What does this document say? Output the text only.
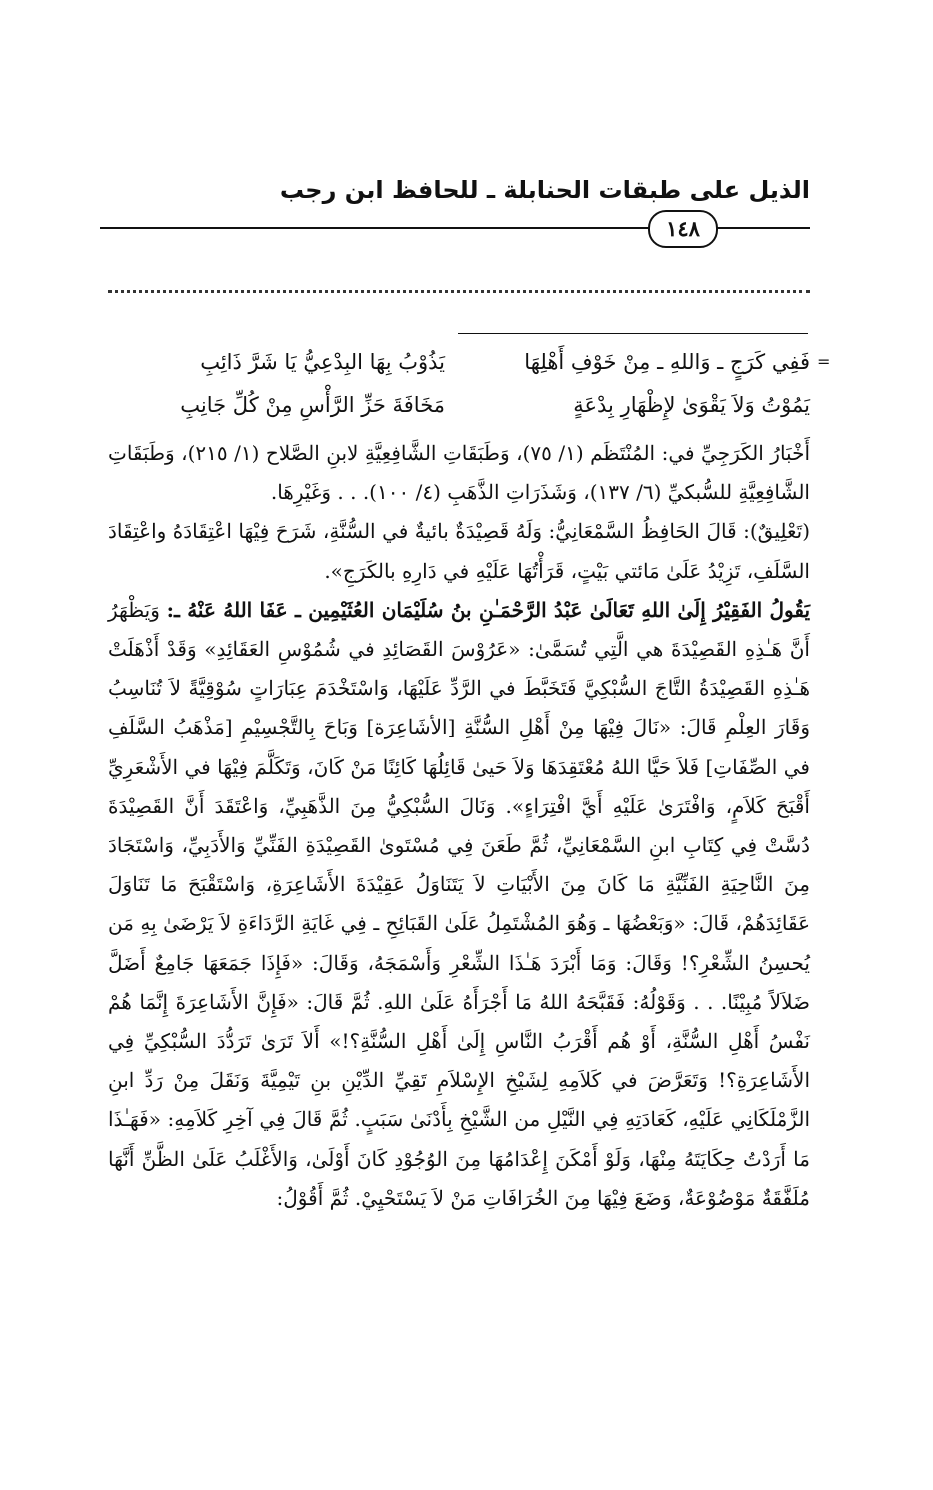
الذيل على طبقات الحنابلة ـ للحافظ ابن رجب
١٤٨
=
فَفِي كَرَجٍ ـ وَاللهِ ـ مِنْ خَوْفِ أَهْلِهَا
يَذُوْبُ بِهَا البِدْعِيُّ يَا شَرَّ ذَائِبِ
يَمُوْتُ وَلاَ يَقْوَىٰ لإِظْهَارِ بِدْعَةٍ
مَخَافَةَ حَزِّ الرَّأْسِ مِنْ كُلِّ جَانِبِ

أَخْبَارُ الكَرَجِيِّ في: المُنْتَظَم (١/ ٧٥)، وَطَبَقَاتِ الشَّافِعِيَّةِ لابنِ الصَّلاح (١/ ٢١٥)، وَطَبَقَاتِ الشَّافِعِيَّةِ للسُّبكيِّ (٦/ ١٣٧)، وَشَذَرَاتِ الذَّهَبِ (٤/ ١٠٠). . . وَغَيْرِهَا.

(تَعْلِيقٌ): قَالَ الحَافِظُ السَّمْعَانِيُّ: وَلَهُ قَصِيْدَةٌ بائيةٌ في السُّنَّةِ، شَرَحَ فِيْهَا اعْتِقَادَهُ واعْتِقَادَ السَّلَفِ، تَزِيْدُ عَلَىٰ مَائتي بَيْتٍ، قَرَأْتُهَا عَلَيْهِ في دَارِهِ بالكَرَجِ».

يَقُولُ الفَقِيْرُ إِلَىٰ اللهِ تَعَالَىٰ عَبْدُ الرَّحْمَـٰنِ بنُ سُلَيْمَان العُثَيْمِين ـ عَفَا اللهُ عَنْهُ ـ: وَيَظْهَرُ أَنَّ هَـٰذِهِ القَصِيْدَةَ هي الَّتِي تُسَمَّىٰ: «عَرُوْسَ القَصَائِدِ في شُمُوْسِ العَقَائِدِ» وَقَدْ أَذْهَلَتْ هَـٰذِهِ القَصِيْدَةُ التَّاجَ السُّبْكِيَّ فَتَخَبَّطَ في الرَّدِّ عَلَيْهَا، وَاسْتَخْدَمَ عِبَارَاتٍ سُوْقِيَّةً لاَ تُنَاسِبُ وَقَارَ العِلْمِ قَالَ: «نَالَ فِيْهَا مِنْ أَهْلِ السُّنَّةِ [الأشَاعِرَة] وَبَاحَ بِالتَّجْسِيْمِ [مَذْهَبُ السَّلَفِ في الصِّفَاتِ] فَلاَ حَيَّا اللهُ مُعْتَقِدَهَا وَلاَ حَيىٰ قَائِلُهَا كَائِنًا مَنْ كَانَ، وَتَكَلَّمَ فِيْهَا في الأَشْعَرِيِّ أَقْبَحَ كَلاَمٍ، وَافْتَرَىٰ عَلَيْهِ أَيَّ افْتِرَاءٍ». وَنَالَ السُّبْكِيُّ مِنَ الذَّهَبِيِّ، وَاعْتَقَدَ أَنَّ القَصِيْدَةَ دُسَّتْ فِي كِتَابِ ابنِ السَّمْعَانِيِّ، ثُمَّ طَعَنَ فِي مُسْتَوىٰ القَصِيْدَةِ الفَنِّيِّ وَالأَدَبِيِّ، وَاسْتَجَادَ مِنَ النَّاحِيَةِ الفَنِّيَّةِ مَا كَانَ مِنَ الأَبْيَاتِ لاَ يَتَنَاوَلُ عَقِيْدَةَ الأَشَاعِرَةِ، وَاسْتَقْبَحَ مَا تَنَاوَلَ عَقَائِدَهُمْ، قَالَ: «وَبَعْضُهَا ـ وَهُوَ المُشْتَمِلُ عَلَىٰ القَبَائِحِ ـ فِي غَايَةِ الرَّدَاءَةِ لاَ يَرْضَىٰ بِهِ مَن يُحسِنُ الشِّعْرِ؟! وَقَالَ: وَمَا أَبْرَدَ هَـٰذَا الشِّعْرِ وَأَسْمَجَهُ، وَقَالَ: «فَإِذَا جَمَعَهَا جَامِعٌ أَضَلَّ ضَلاَلاً مُبِيْنًا. . . وَقَوْلُهُ: فَقَبَّحَهُ اللهُ مَا أَجْرَأَهُ عَلَىٰ اللهِ. ثُمَّ قَالَ: «فَإِنَّ الأَشَاعِرَةَ إِنَّمَا هُمْ نَفْسُ أَهْلِ السُّنَّةِ، أَوْ هُم أَقْرَبُ النَّاسِ إِلَىٰ أَهْلِ السُّنَّةِ؟!» أَلاَ تَرَىٰ تَرَدُّدَ السُّبْكِيِّ فِي الأَشَاعِرَةِ؟! وَتَعَرَّضَ في كَلاَمِهِ لِشَيْخِ الإِسْلاَمِ تَقِيِّ الدِّيْنِ بنِ تَيْمِيَّةَ وَنَقَلَ مِنْ رَدِّ ابنِ الزَّمْلَكَانِي عَلَيْهِ، كَعَادَتِهِ فِي النَّيْلِ من الشَّيْخِ بِأَدْنَىٰ سَبَبٍ. ثُمَّ قَالَ فِي آخِرِ كَلاَمِهِ: «فَهَـٰذَا مَا أَرَدْتُ حِكَايَتَهُ مِنْهَا، وَلَوْ أَمْكَنَ إِعْدَامُهَا مِنَ الوُجُوْدِ كَانَ أَوْلَىٰ، وَالأَغْلَبُ عَلَىٰ الظَّنِّ أَنَّهَا مُلَفَّقَةٌ مَوْضُوْعَةٌ، وَضَعَ فِيْهَا مِنَ الخُرَافَاتِ مَنْ لاَ يَسْتَحْيِيْ. ثُمَّ أَقُوْلُ:
